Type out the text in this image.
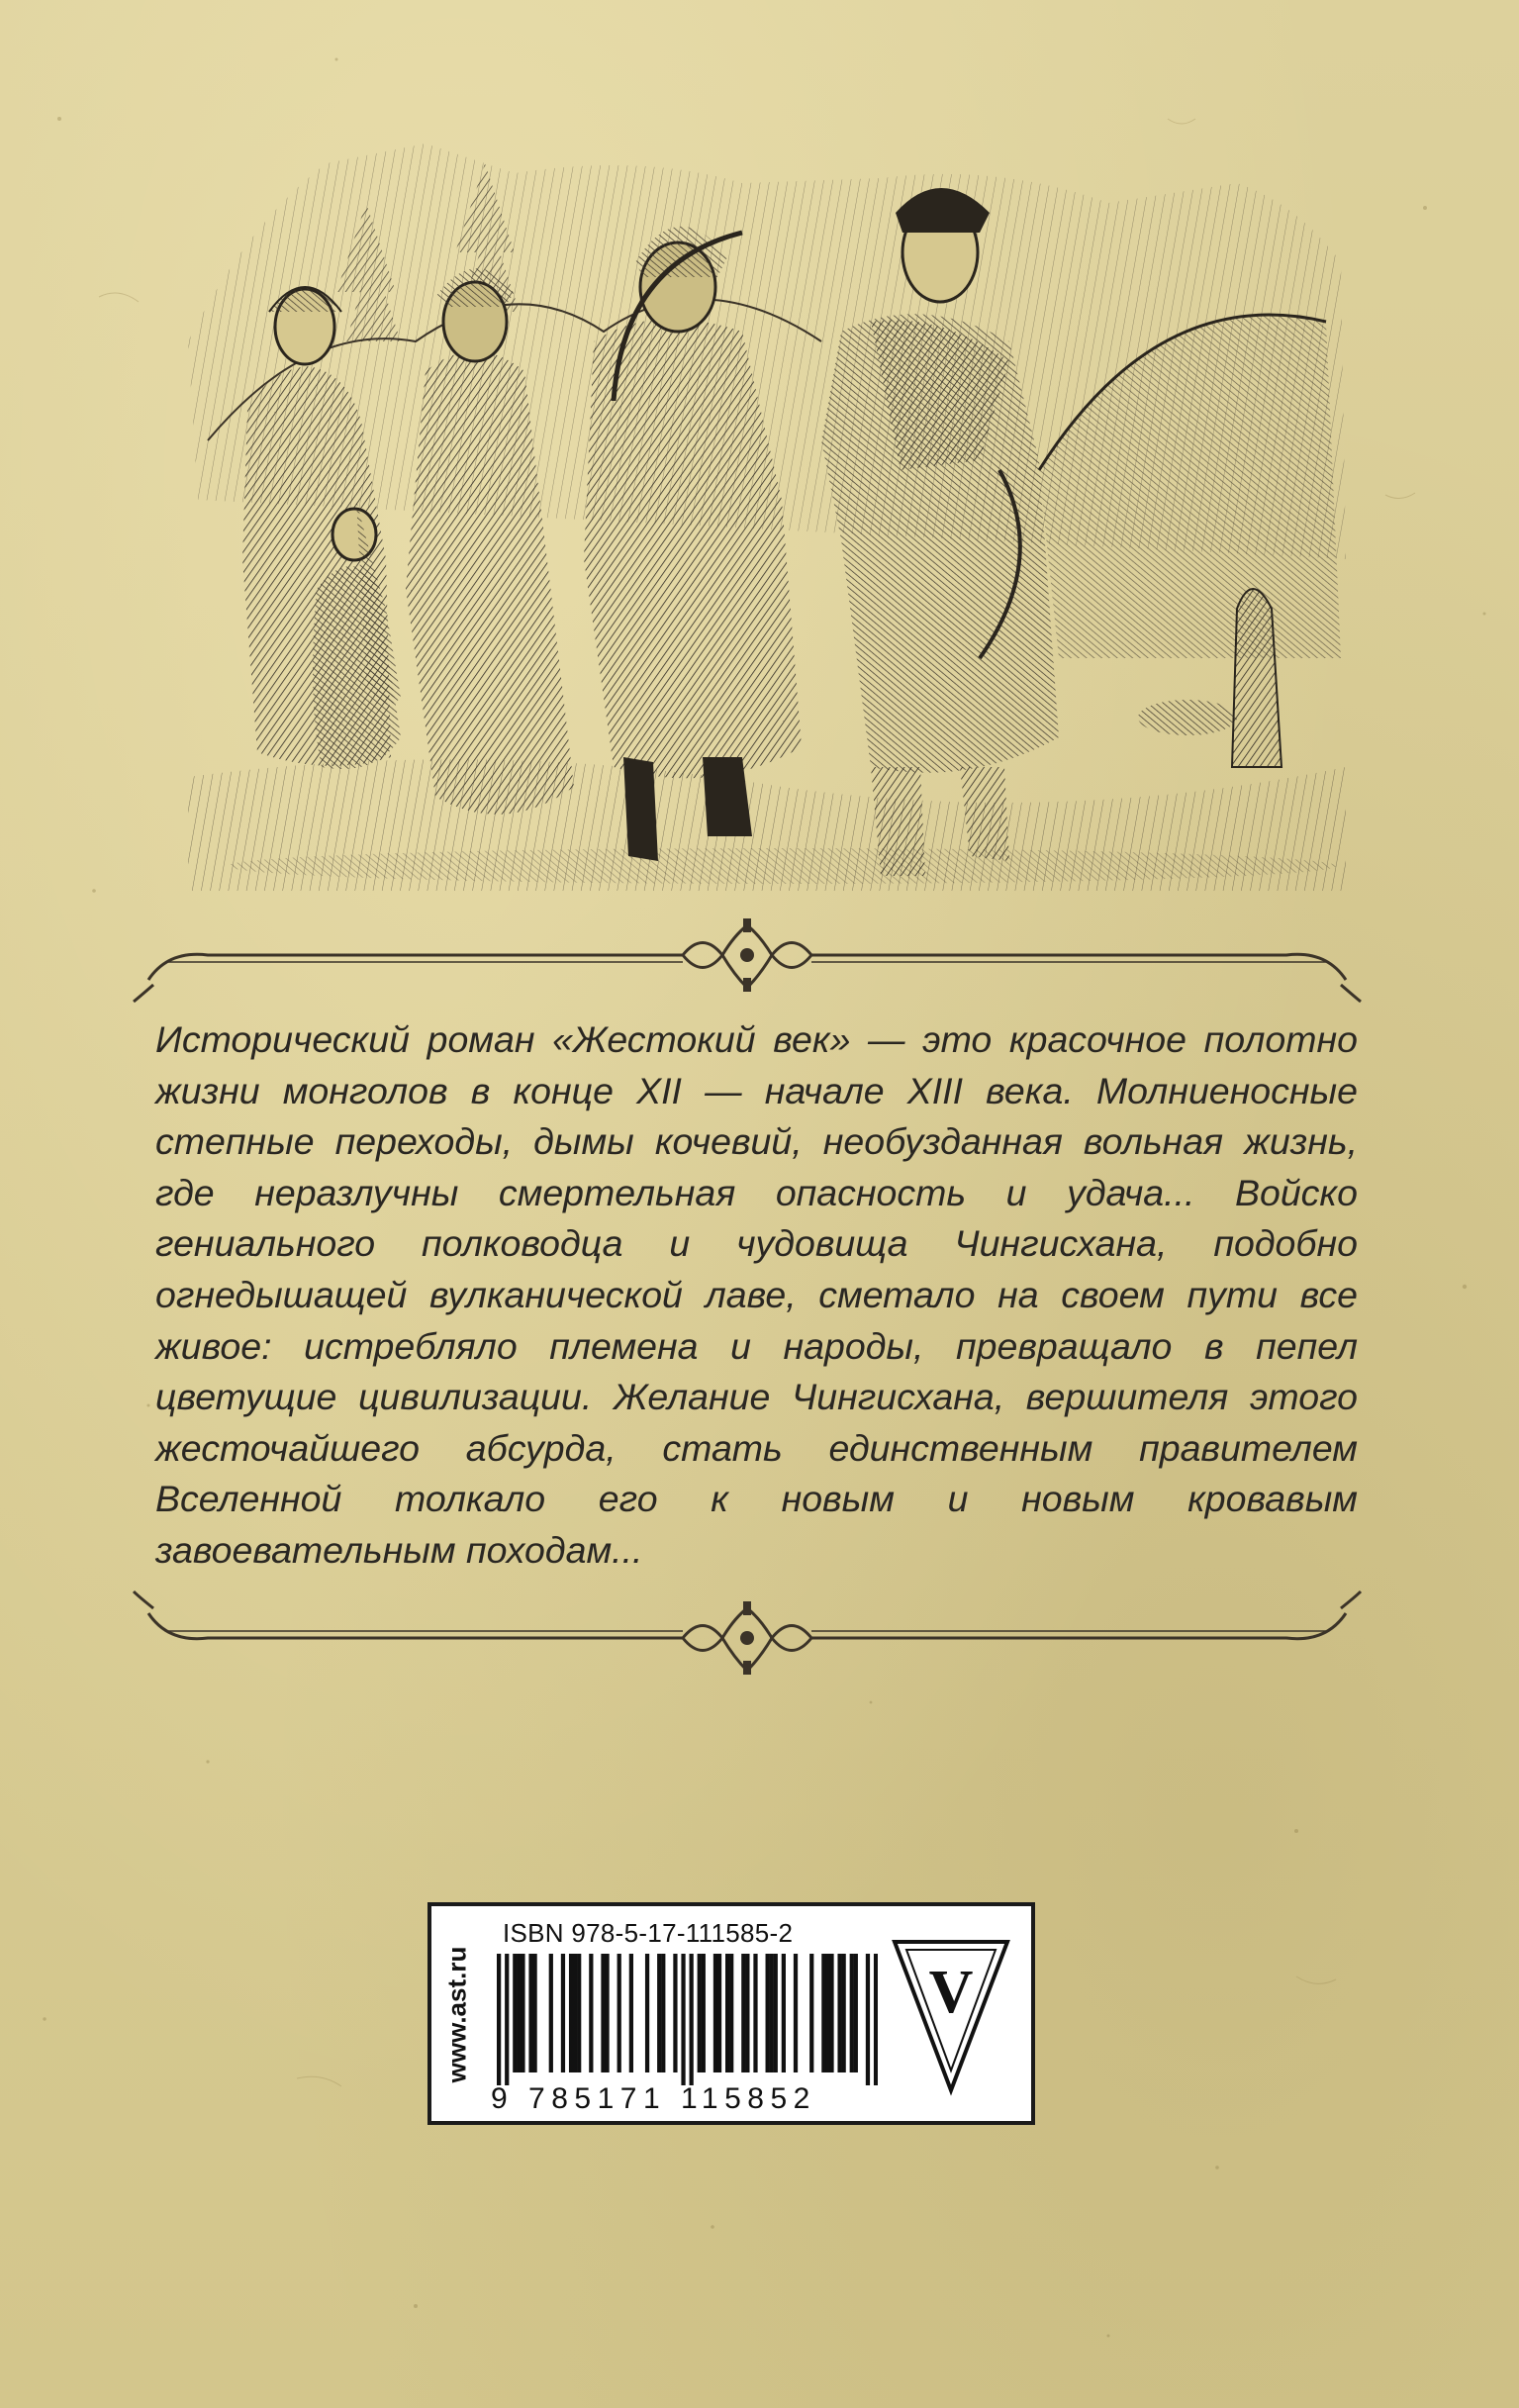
Исторический роман «Жестокий век» — это красочное полотно жизни монголов в конце XII — начале XIII века. Молниеносные степные переходы, дымы кочевий, необузданная вольная жизнь, где неразлучны смертельная опасность и удача... Войско гениального полководца и чудовища Чингисхана, подобно огнедышащей вулканической лаве, сметало на своем пути все живое: истребляло племена и народы, превращало в пепел цветущие цивилизации. Желание Чингисхана, вершителя этого жесточайшего абсурда, стать единственным правителем Вселенной толкало его к новым и новым кровавым завоевательным походам...

www.ast.ru
ISBN 978-5-17-111585-2
9 785171 115852
V
